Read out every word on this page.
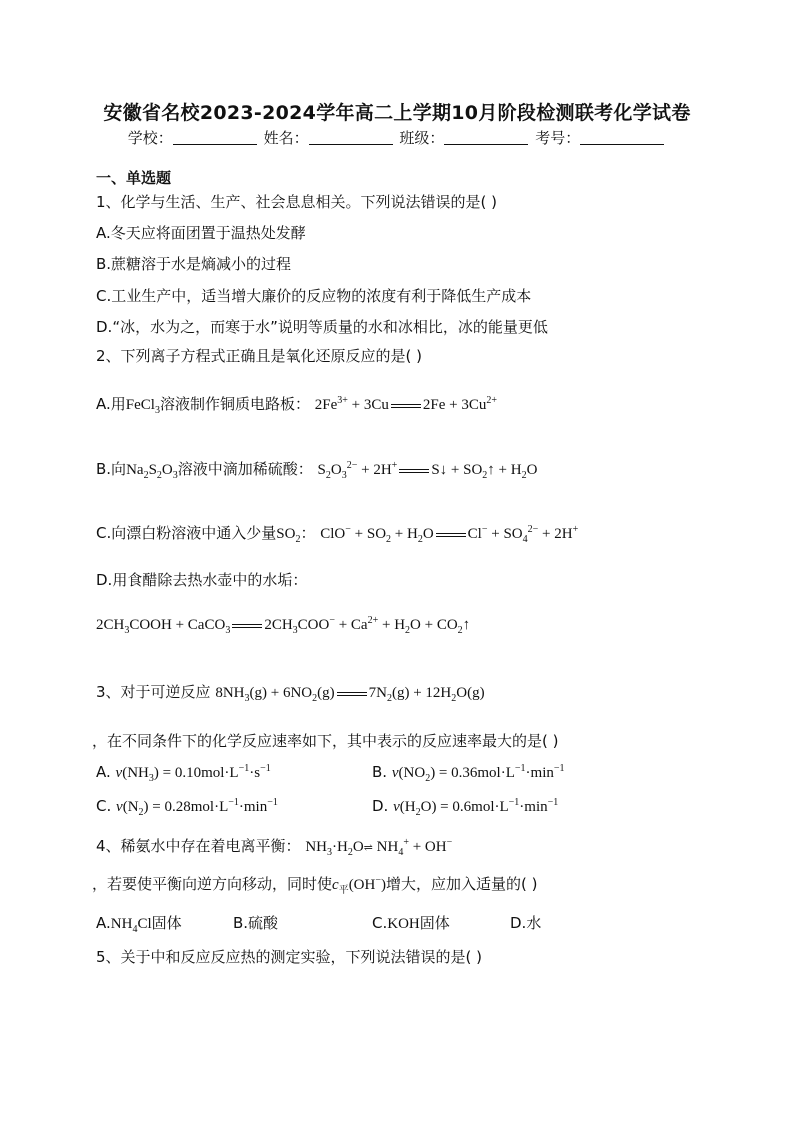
安徽省名校2023-2024学年高二上学期10月阶段检测联考化学试卷
学校：	姓名：	班级：	考号：
一、单选题
1、化学与生活、生产、社会息息相关。下列说法错误的是( )
A.冬天应将面团置于温热处发酵
B.蔗糖溶于水是熵减小的过程
C.工业生产中，适当增大廉价的反应物的浓度有利于降低生产成本
D.“冰，水为之，而寒于水”说明等质量的水和冰相比，冰的能量更低
2、下列离子方程式正确且是氧化还原反应的是( )
A.用FeCl$_3$溶液制作铜质电路板： $2Fe^{3+} + 3Cu$ $2Fe + 3Cu^{2+}$
B.向$Na_2S_2O_3$溶液中滴加稀硫酸： $S_2O_3^{2-} + 2H^+$ S↓ + $SO_2↑ + H_2O$
C.向漂白粉溶液中通入少量$SO_2$： $ClO^- + SO_2 + H_2O$ $Cl^- + SO_4^{2-} + 2H^+$
D.用食醋除去热水壶中的水垢：
$2CH_3COOH$ + CaCO$_3$ $2CH_3COO^- + Ca^{2+} + H_2O$ + $CO_2↑$
3、对于可逆反应 $8NH_3(g) + 6NO_2(g) 7N_2(g) + 12H_2O(g)$
，在不同条件下的化学反应速率如下，其中表示的反应速率最大的是( )
A. $v(NH_3) = 0.10mol\cdot L^{-1}\cdot s^{-1}$	B. $v(NO_2) = 0.36mol\cdot L^{-1}\cdot\min^{-1}$
C. $v(N_2) = 0.28mol\cdot L^{-1}\cdot\min^{-1}$	D. $v(H_2O) = 0.6mol\cdot L^{-1}\cdot\min^{-1}$
4、稀氨水中存在着电离平衡： $NH_3\cdot H_2O\rightleftharpoons$ $NH_4^+ + OH^-$
，若要使平衡向逆方向移动，同时使$c_平(OH^-)$增大，应加入适量的( )
$A.NH_4Cl$固体	B.硫酸	C.KOH固体	D.水
5、关于中和反应反应热的测定实验，下列说法错误的是( )
